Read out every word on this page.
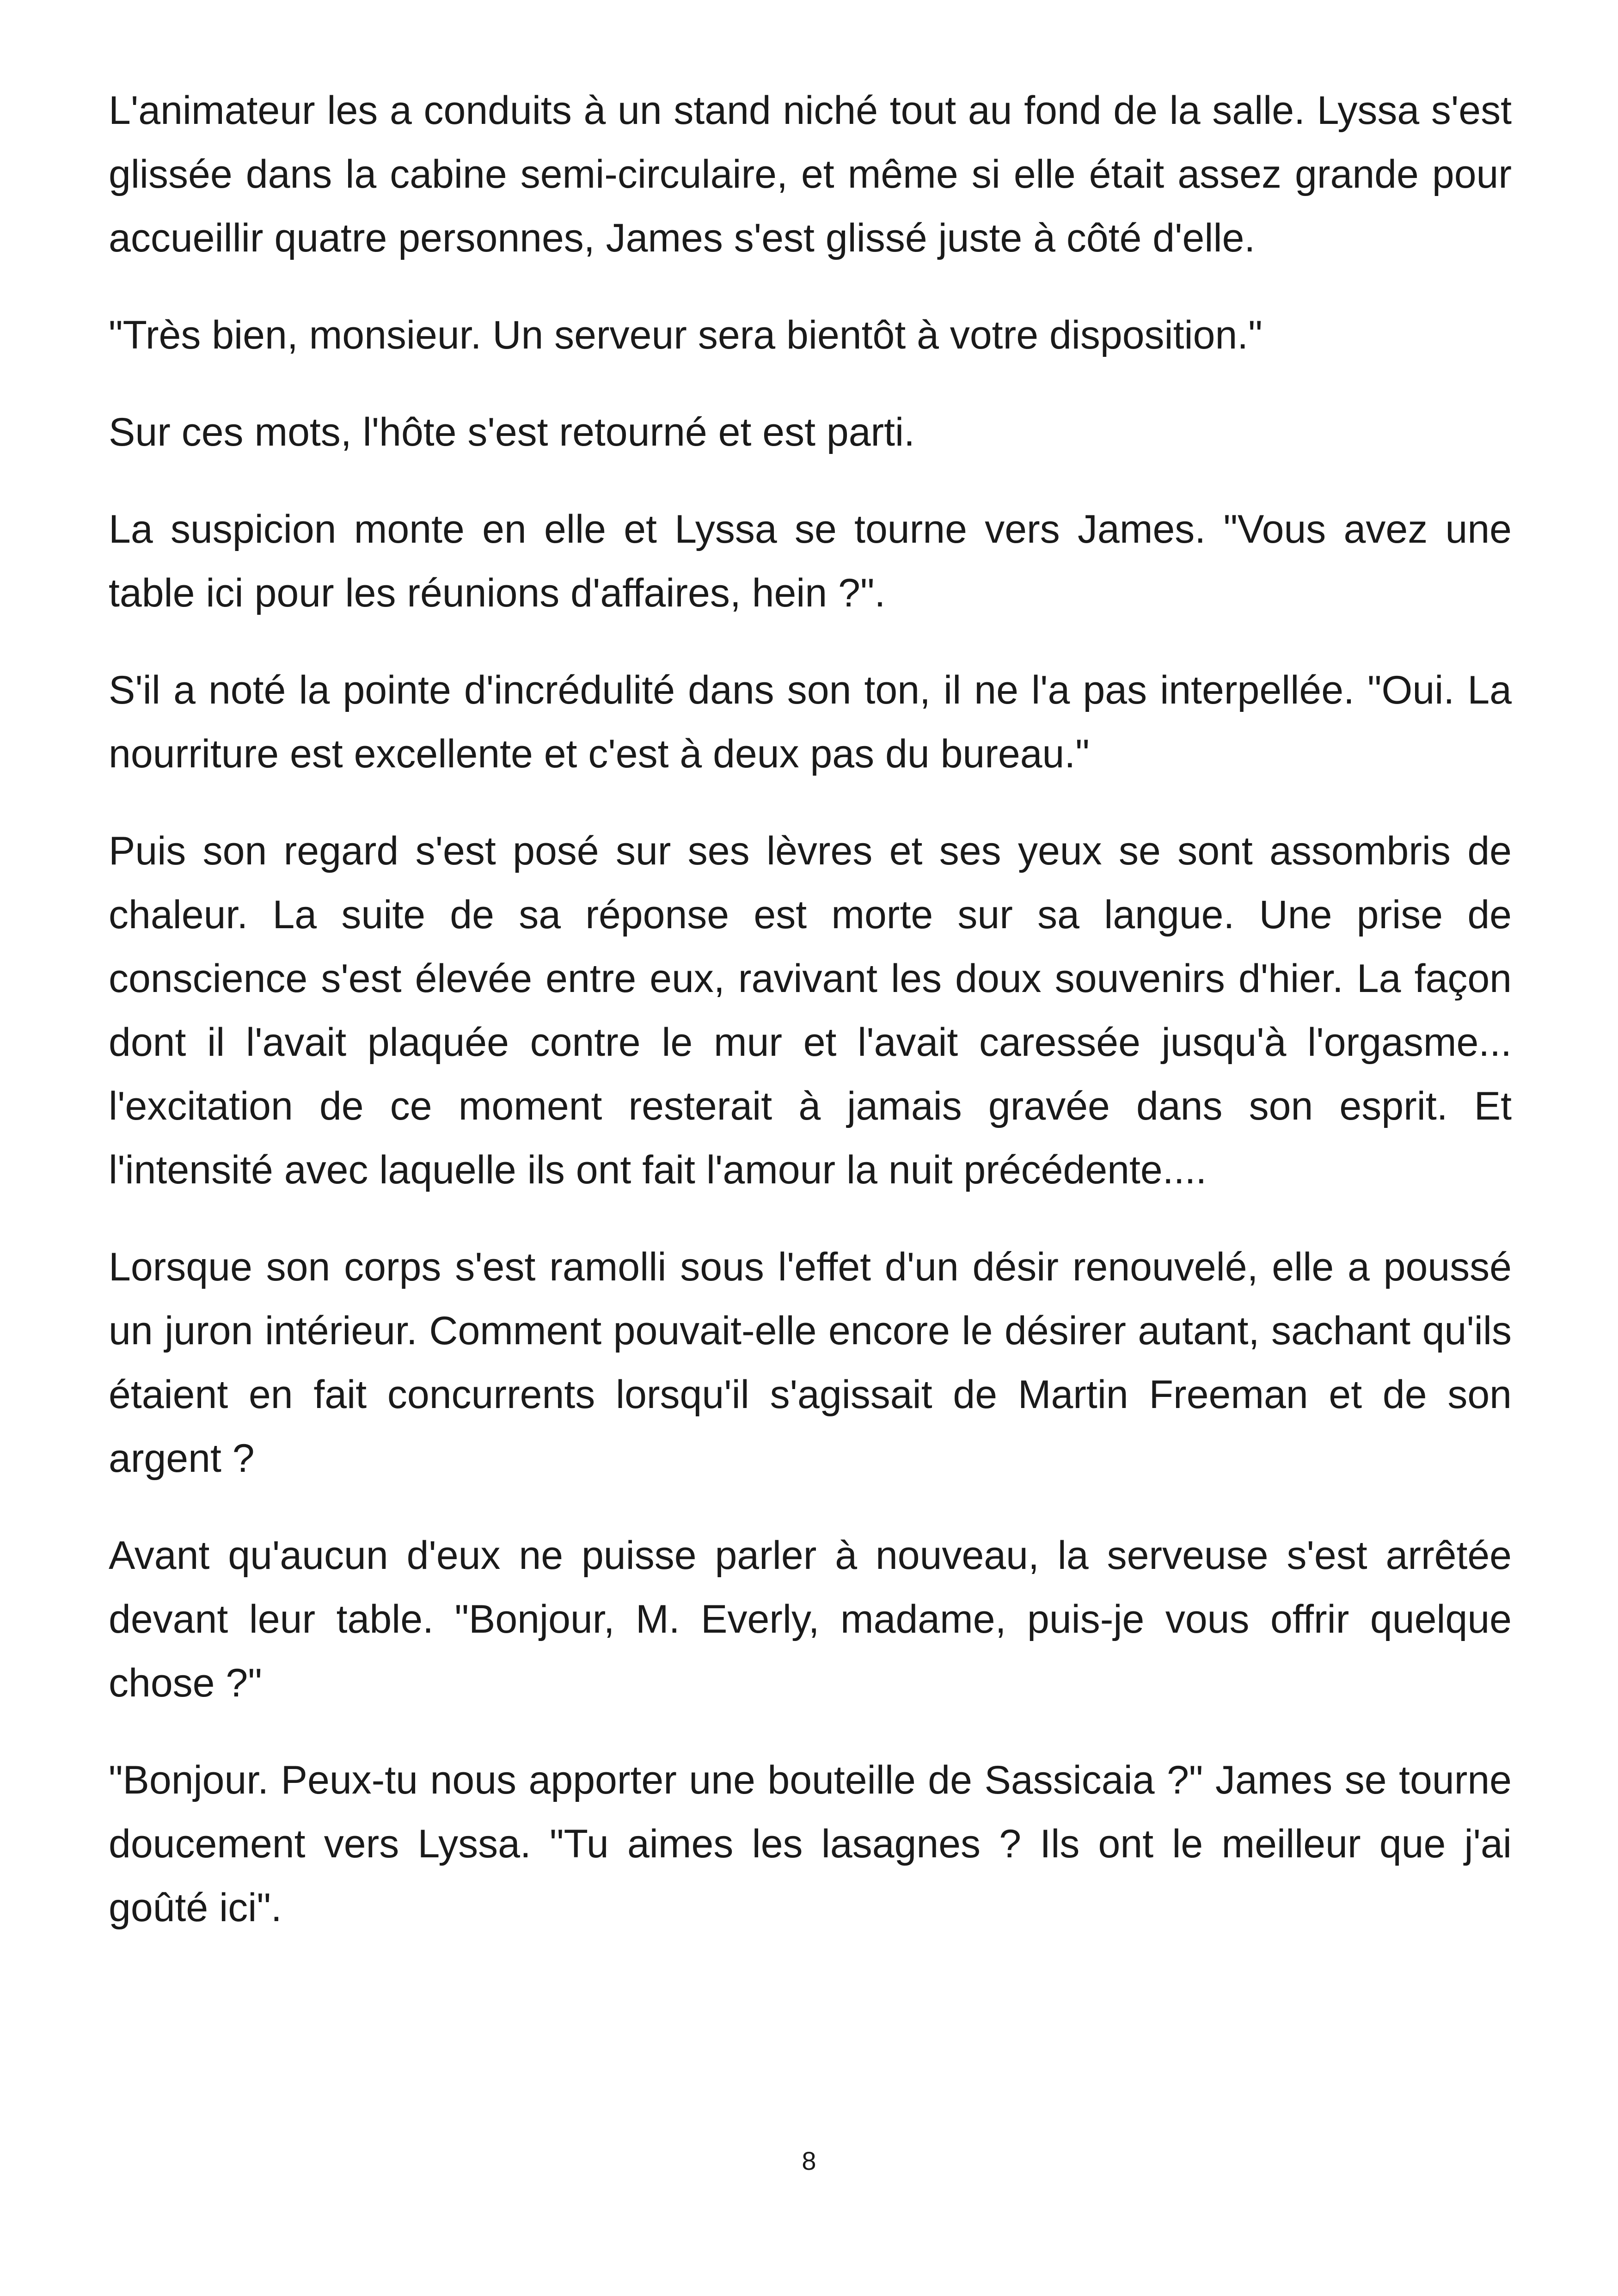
L'animateur les a conduits à un stand niché tout au fond de la salle. Lyssa s'est glissée dans la cabine semi-circulaire, et même si elle était assez grande pour accueillir quatre personnes, James s'est glissé juste à côté d'elle.

"Très bien, monsieur. Un serveur sera bientôt à votre disposition."

Sur ces mots, l'hôte s'est retourné et est parti.

La suspicion monte en elle et Lyssa se tourne vers James. "Vous avez une table ici pour les réunions d'affaires, hein ?".

S'il a noté la pointe d'incrédulité dans son ton, il ne l'a pas interpellée. "Oui. La nourriture est excellente et c'est à deux pas du bureau."

Puis son regard s'est posé sur ses lèvres et ses yeux se sont assombris de chaleur. La suite de sa réponse est morte sur sa langue. Une prise de conscience s'est élevée entre eux, ravivant les doux souvenirs d'hier. La façon dont il l'avait plaquée contre le mur et l'avait caressée jusqu'à l'orgasme... l'excitation de ce moment resterait à jamais gravée dans son esprit. Et l'intensité avec laquelle ils ont fait l'amour la nuit précédente....

Lorsque son corps s'est ramolli sous l'effet d'un désir renouvelé, elle a poussé un juron intérieur. Comment pouvait-elle encore le désirer autant, sachant qu'ils étaient en fait concurrents lorsqu'il s'agissait de Martin Freeman et de son argent ?

Avant qu'aucun d'eux ne puisse parler à nouveau, la serveuse s'est arrêtée devant leur table. "Bonjour, M. Everly, madame, puis-je vous offrir quelque chose ?"

"Bonjour. Peux-tu nous apporter une bouteille de Sassicaia ?" James se tourne doucement vers Lyssa. "Tu aimes les lasagnes ? Ils ont le meilleur que j'ai goûté ici".

8
